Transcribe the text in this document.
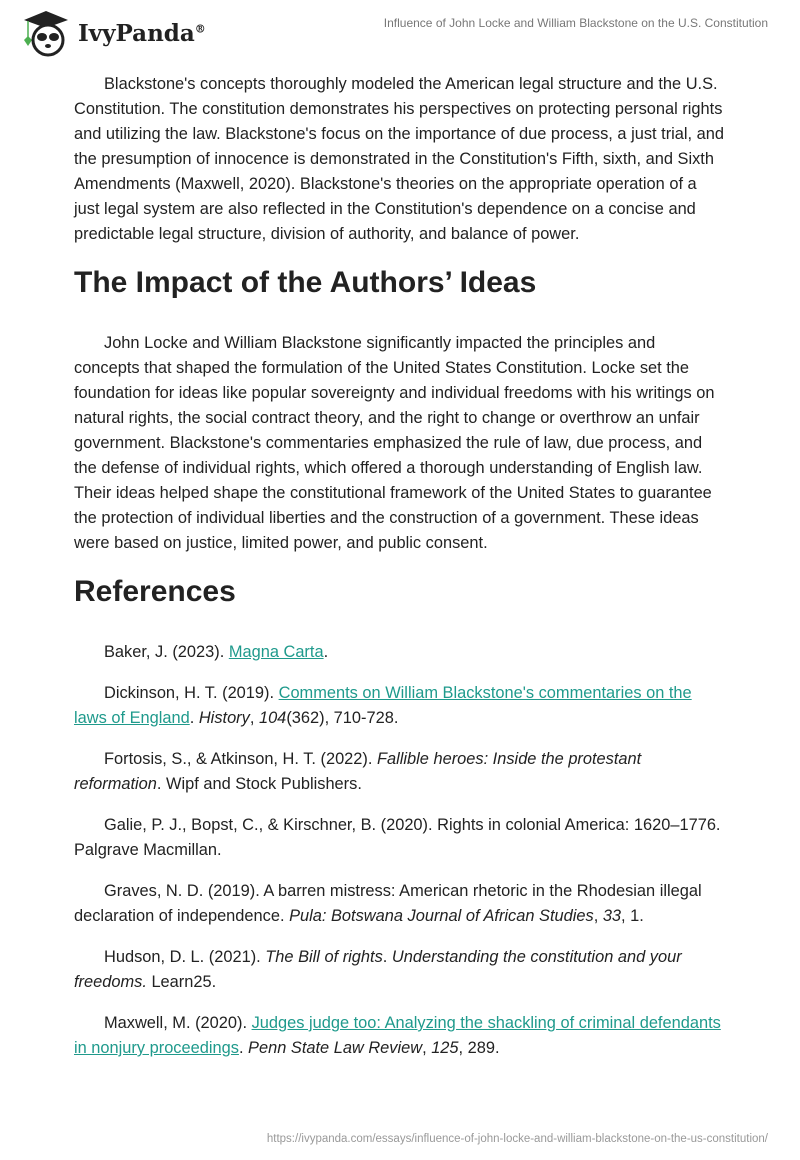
IvyPanda®	Influence of John Locke and William Blackstone on the U.S. Constitution

Blackstone's concepts thoroughly modeled the American legal structure and the U.S. Constitution. The constitution demonstrates his perspectives on protecting personal rights and utilizing the law. Blackstone's focus on the importance of due process, a just trial, and the presumption of innocence is demonstrated in the Constitution's Fifth, sixth, and Sixth Amendments (Maxwell, 2020). Blackstone's theories on the appropriate operation of a just legal system are also reflected in the Constitution's dependence on a concise and predictable legal structure, division of authority, and balance of power.

The Impact of the Authors’ Ideas

John Locke and William Blackstone significantly impacted the principles and concepts that shaped the formulation of the United States Constitution. Locke set the foundation for ideas like popular sovereignty and individual freedoms with his writings on natural rights, the social contract theory, and the right to change or overthrow an unfair government. Blackstone's commentaries emphasized the rule of law, due process, and the defense of individual rights, which offered a thorough understanding of English law. Their ideas helped shape the constitutional framework of the United States to guarantee the protection of individual liberties and the construction of a government. These ideas were based on justice, limited power, and public consent.

References

Baker, J. (2023). Magna Carta.

Dickinson, H. T. (2019). Comments on William Blackstone's commentaries on the laws of England. History, 104(362), 710-728.

Fortosis, S., & Atkinson, H. T. (2022). Fallible heroes: Inside the protestant reformation. Wipf and Stock Publishers.

Galie, P. J., Bopst, C., & Kirschner, B. (2020). Rights in colonial America: 1620–1776. Palgrave Macmillan.

Graves, N. D. (2019). A barren mistress: American rhetoric in the Rhodesian illegal declaration of independence. Pula: Botswana Journal of African Studies, 33, 1.

Hudson, D. L. (2021). The Bill of rights. Understanding the constitution and your freedoms. Learn25.

Maxwell, M. (2020). Judges judge too: Analyzing the shackling of criminal defendants in nonjury proceedings. Penn State Law Review, 125, 289.

https://ivypanda.com/essays/influence-of-john-locke-and-william-blackstone-on-the-us-constitution/
